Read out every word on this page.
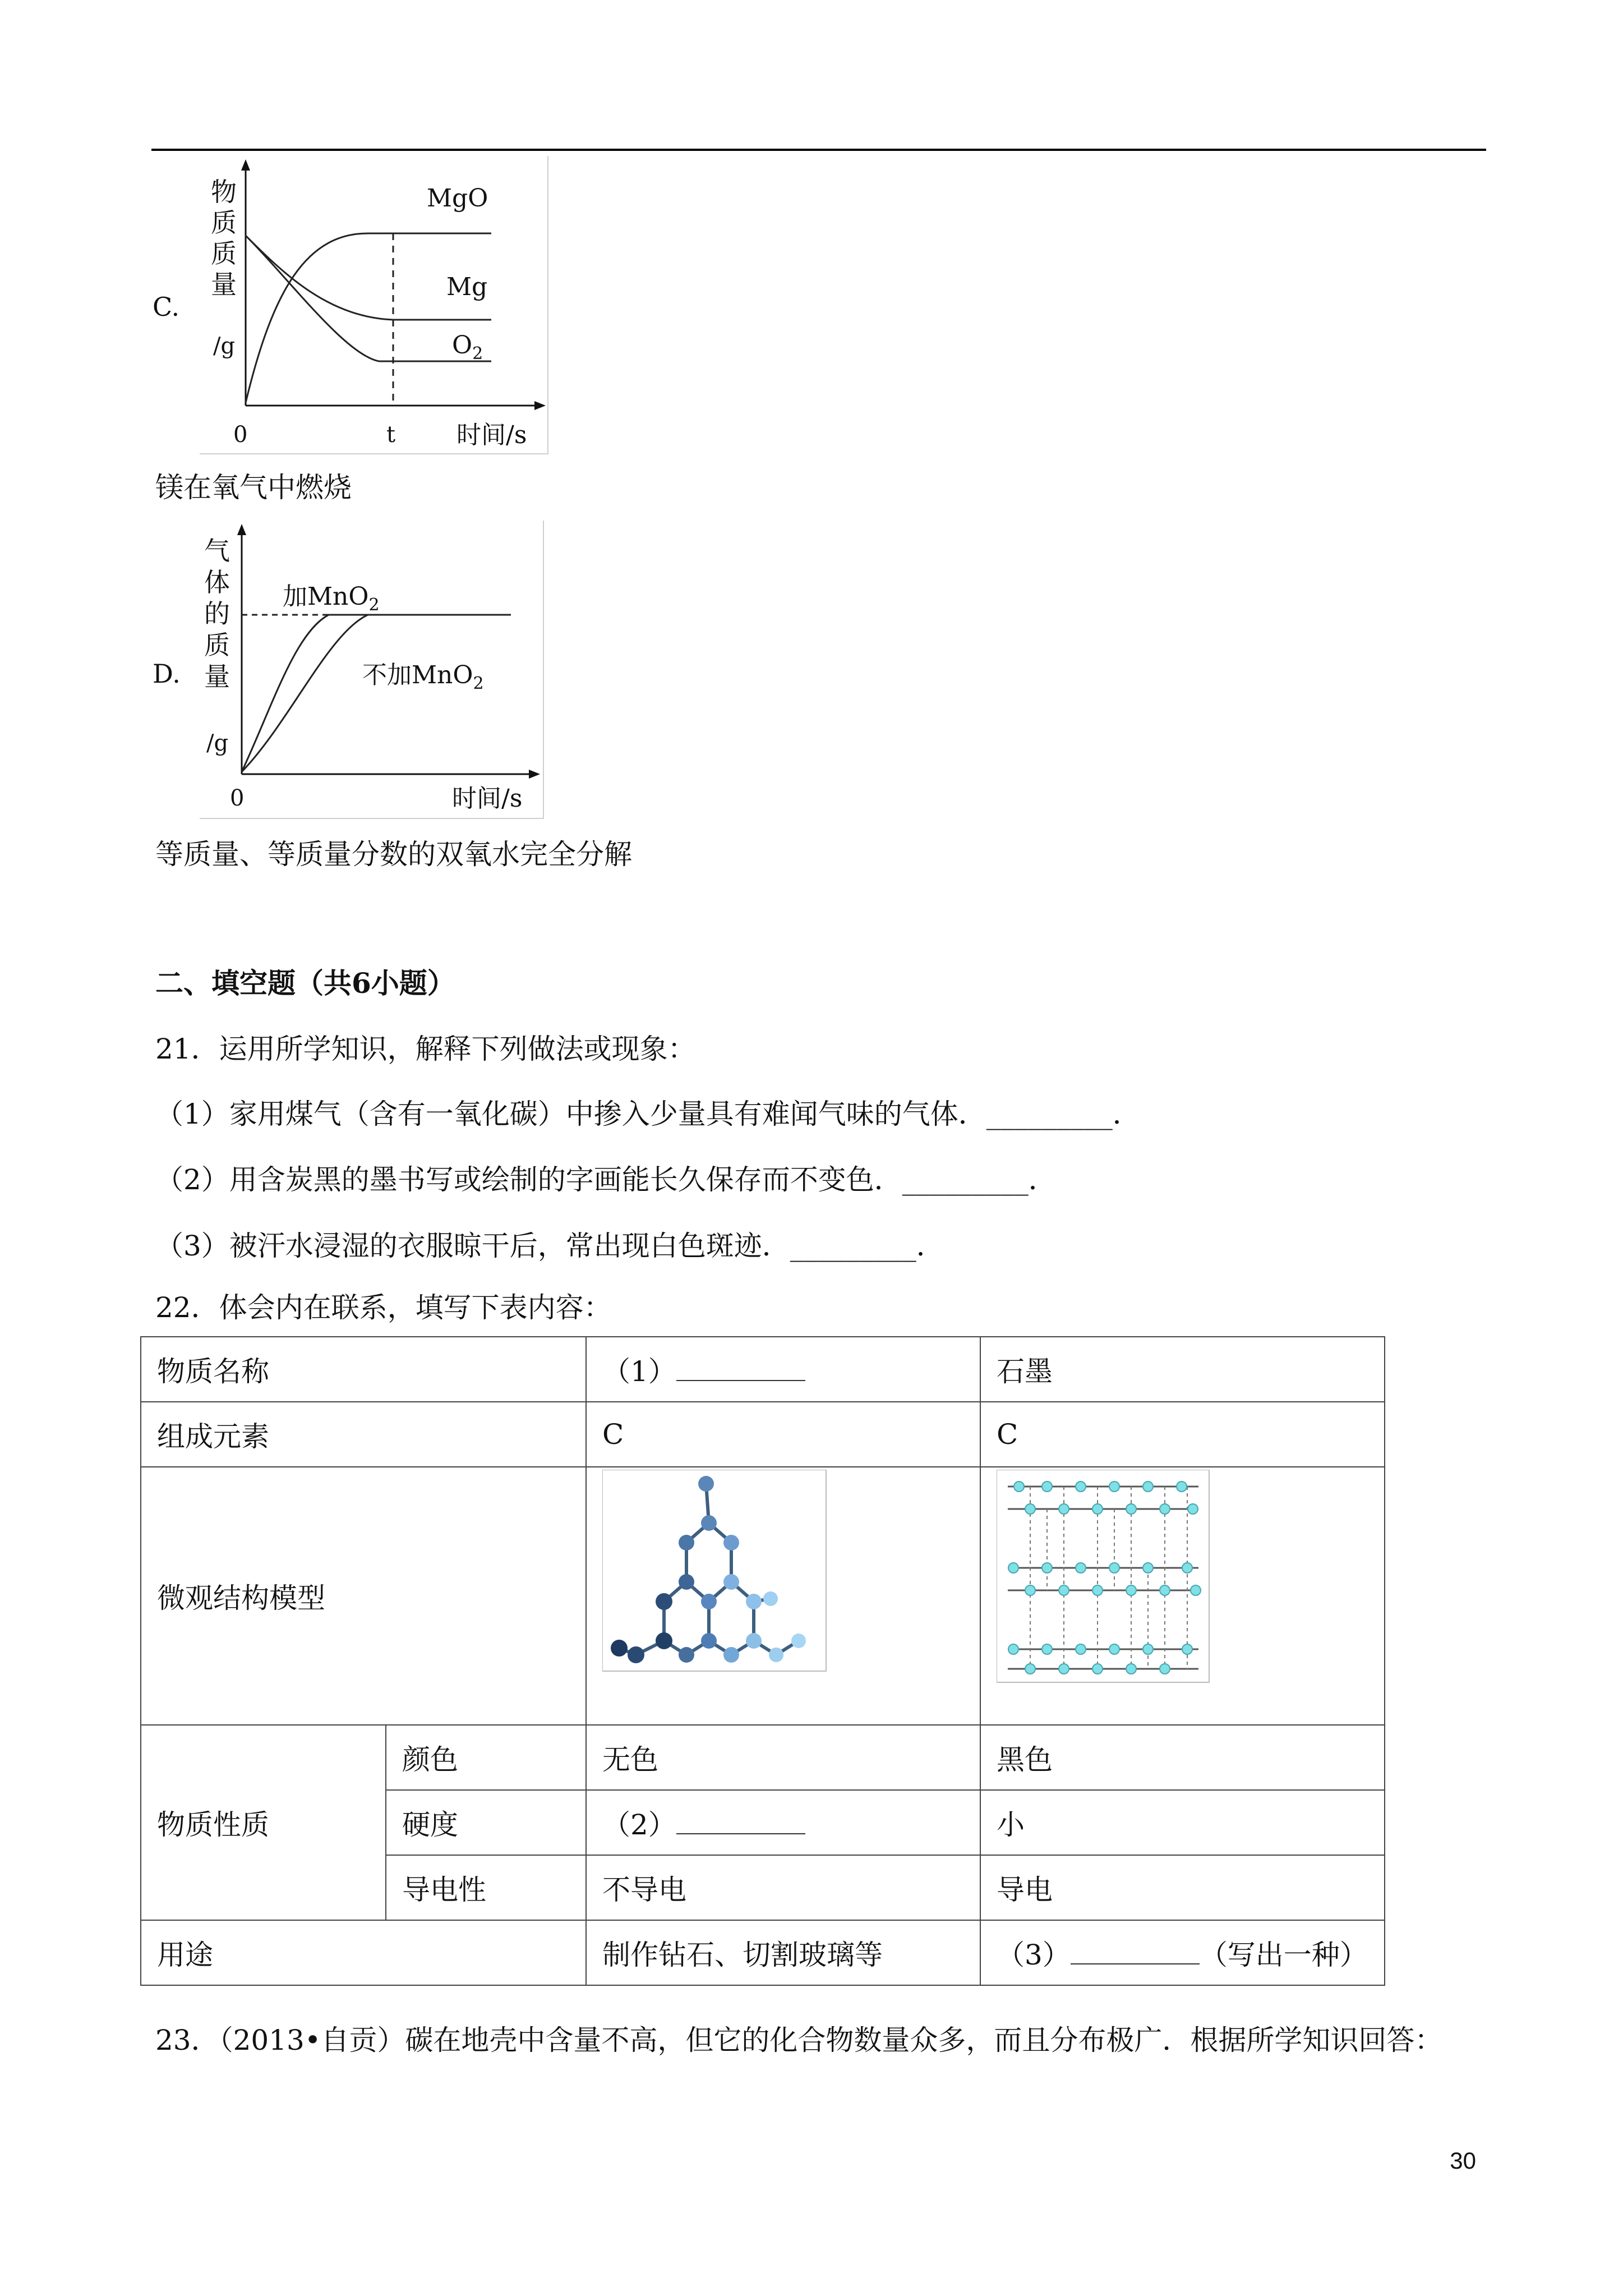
C.
物
质
质
量
/g
MgO
Mg
$O_2$
0	t 时间/s
镁在氧气中燃烧
D.
气
体
的
质
量
/g
加MnO$_2$
不加MnO$_2$
0	时间/s
等质量、等质量分数的双氧水完全分解
二、填空题（共6小题）
21．运用所学知识，解释下列做法或现象：
（1）家用煤气（含有一氧化碳）中掺入少量具有难闻气味的气体．_________．
（2）用含炭黑的墨书写或绘制的字画能长久保存而不变色．_________．
（3）被汗水浸湿的衣服晾干后，常出现白色斑迹．_________．
22．体会内在联系，填写下表内容：
物质名称		（1）	石墨
组成元素		C	C
微观结构模型	

物质性质	颜色	无色	黑色
	硬度	（2）	小
	导电性	不导电	导电
用途		制作钻石、切割玻璃等	（3） （写出一种）
23．（2013•自贡）碳在地壳中含量不高，但它的化合物数量众多，而且分布极广．根据所学知识回答：
30
